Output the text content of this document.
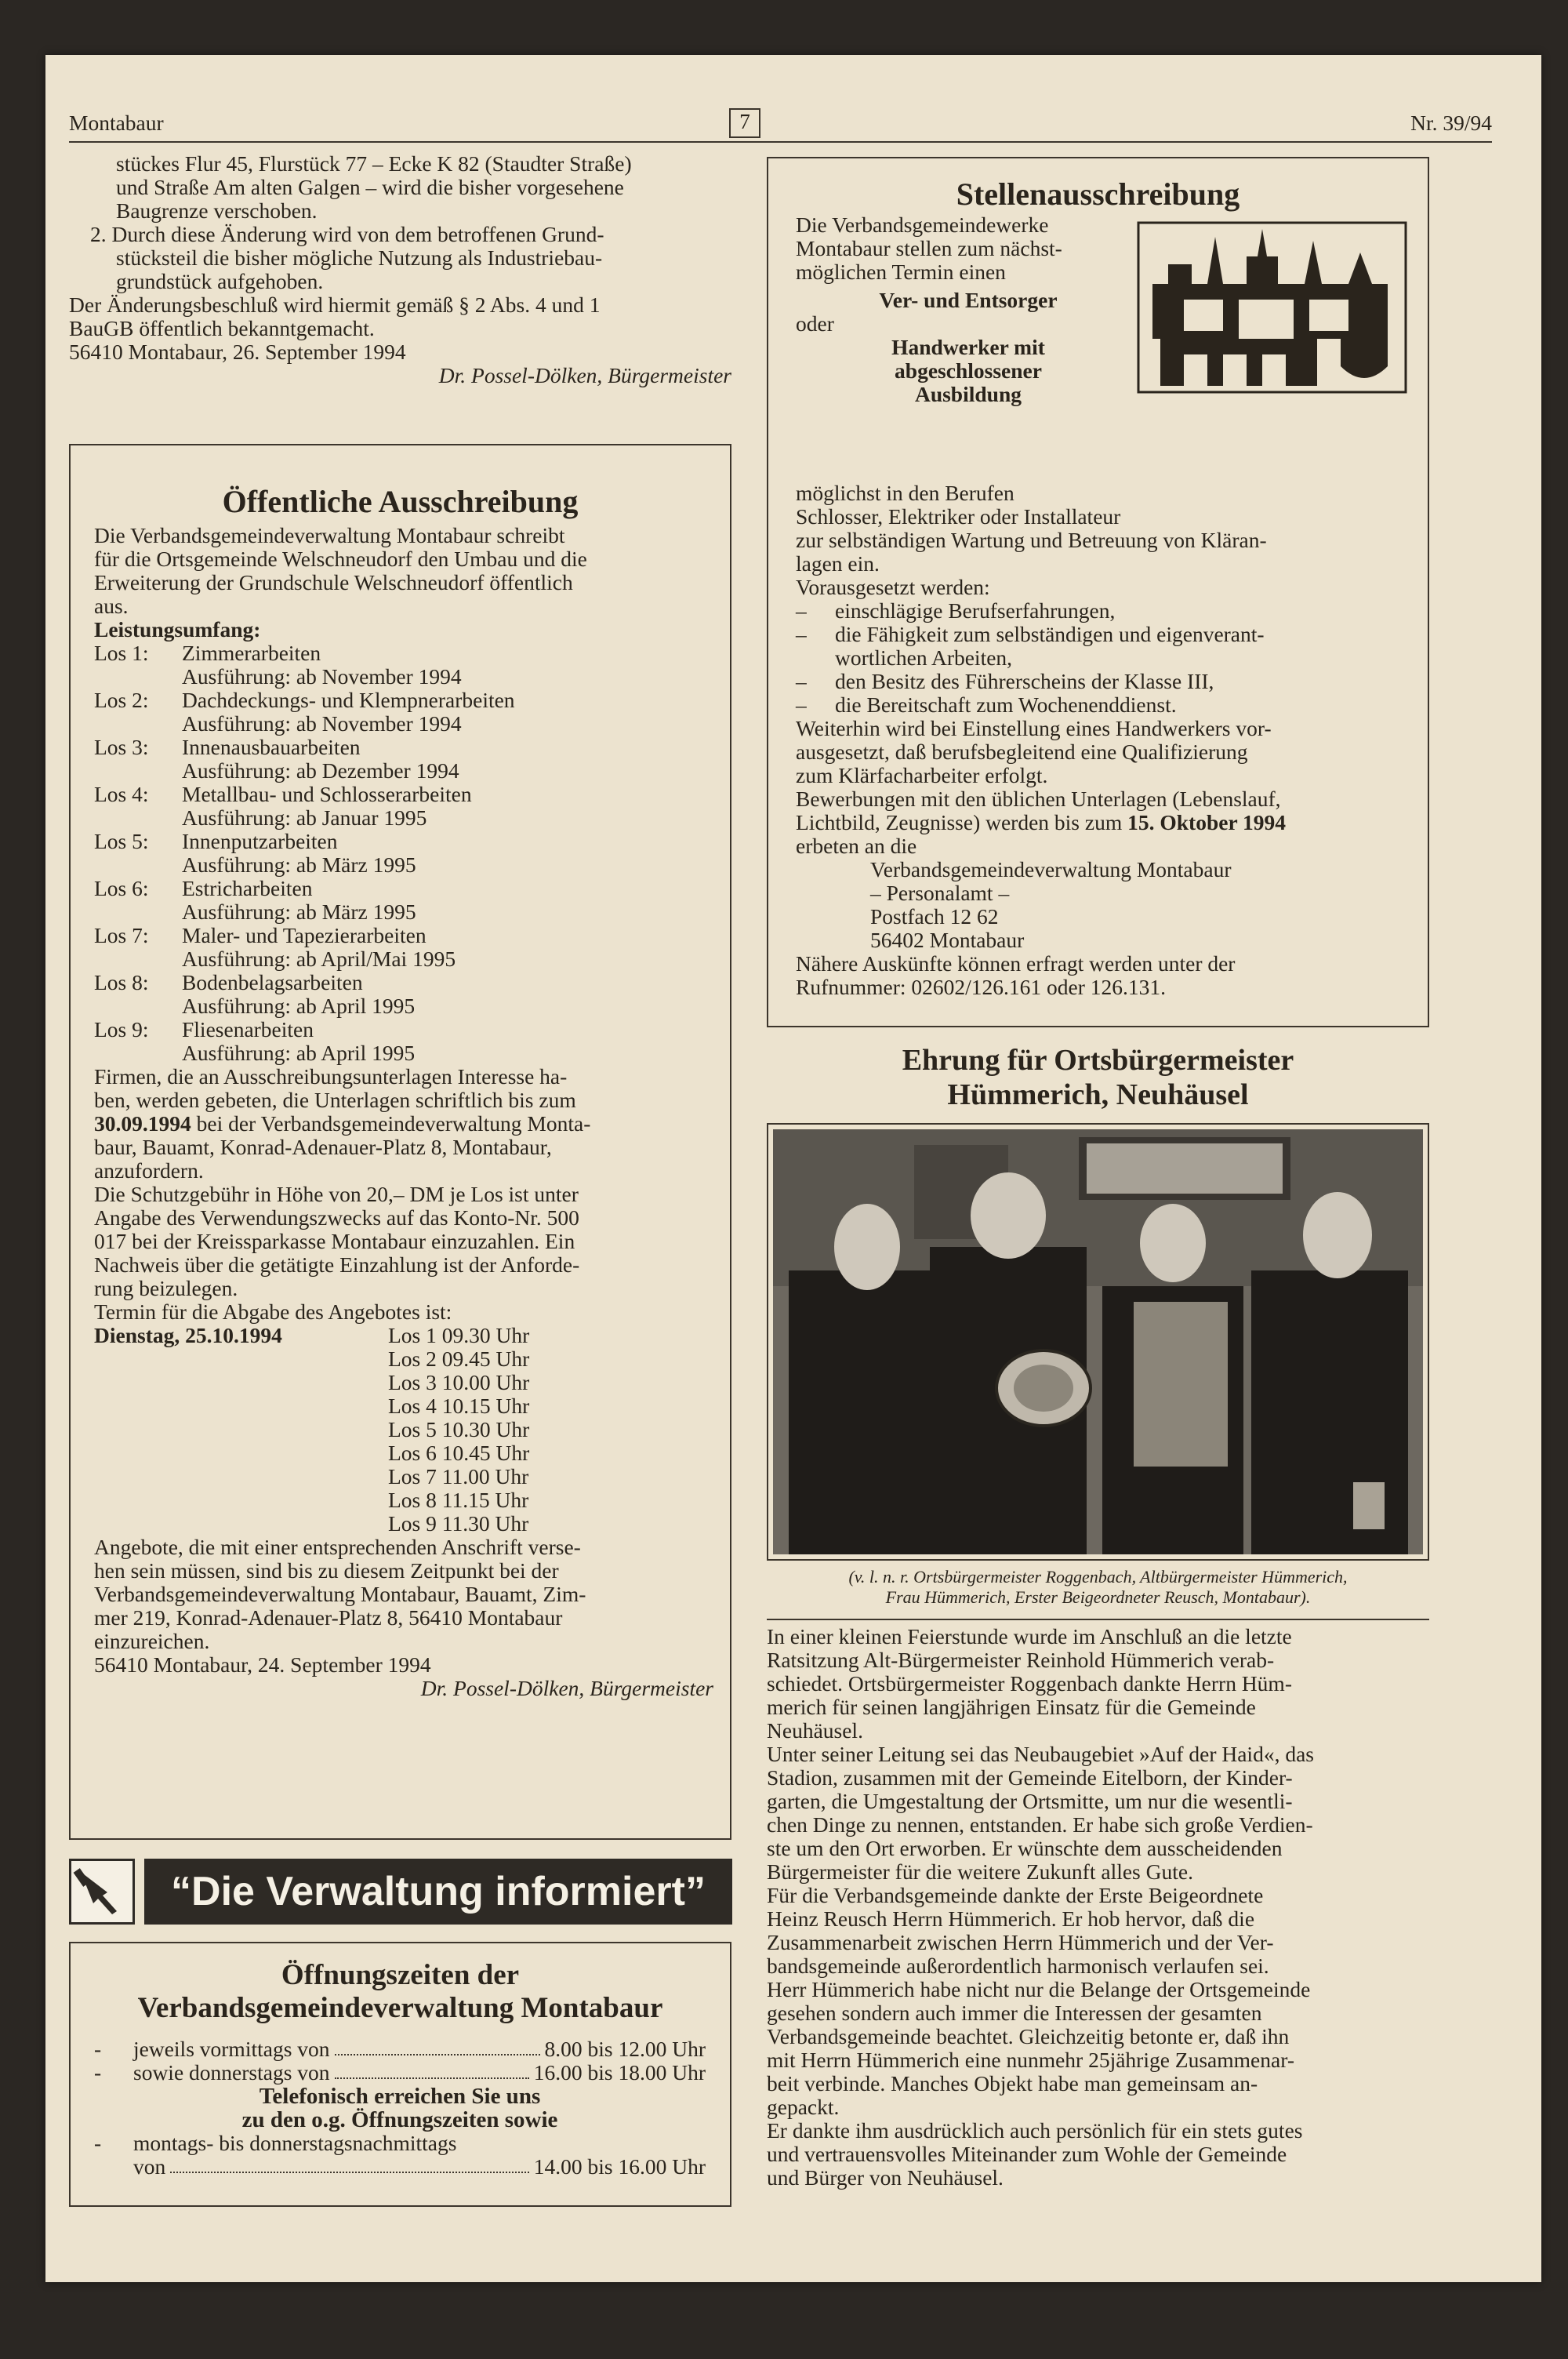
Montabaur	7	Nr. 39/94
stückes Flur 45, Flurstück 77 – Ecke K 82 (Staudter Straße)
und Straße Am alten Galgen – wird die bisher vorgesehene
Baugrenze verschoben.
2. Durch diese Änderung wird von dem betroffenen Grund-
stücksteil die bisher mögliche Nutzung als Industriebau-
grundstück aufgehoben.
Der Änderungsbeschluß wird hiermit gemäß § 2 Abs. 4 und 1
BauGB öffentlich bekanntgemacht.
56410 Montabaur, 26. September 1994
Dr. Possel-Dölken, Bürgermeister
Öffentliche Ausschreibung
Die Verbandsgemeindeverwaltung Montabaur schreibt
für die Ortsgemeinde Welschneudorf den Umbau und die
Erweiterung der Grundschule Welschneudorf öffentlich
aus.
Leistungsumfang:
Los 1:	Zimmerarbeiten
Ausführung: ab November 1994
Los 2:	Dachdeckungs- und Klempnerarbeiten
Ausführung: ab November 1994
Los 3:	Innenausbauarbeiten
Ausführung: ab Dezember 1994
Los 4:	Metallbau- und Schlosserarbeiten
Ausführung: ab Januar 1995
Los 5:	Innenputzarbeiten
Ausführung: ab März 1995
Los 6:	Estricharbeiten
Ausführung: ab März 1995
Los 7:	Maler- und Tapezierarbeiten
Ausführung: ab April/Mai 1995
Los 8:	Bodenbelagsarbeiten
Ausführung: ab April 1995
Los 9:	Fliesenarbeiten
Ausführung: ab April 1995
Firmen, die an Ausschreibungsunterlagen Interesse ha-
ben, werden gebeten, die Unterlagen schriftlich bis zum
30.09.1994 bei der Verbandsgemeindeverwaltung Monta-
baur, Bauamt, Konrad-Adenauer-Platz 8, Montabaur,
anzufordern.
Die Schutzgebühr in Höhe von 20,– DM je Los ist unter
Angabe des Verwendungszwecks auf das Konto-Nr. 500
017 bei der Kreissparkasse Montabaur einzuzahlen. Ein
Nachweis über die getätigte Einzahlung ist der Anforde-
rung beizulegen.
Termin für die Abgabe des Angebotes ist:
Dienstag, 25.10.1994	Los 1 09.30 Uhr
Los 2 09.45 Uhr
Los 3 10.00 Uhr
Los 4 10.15 Uhr
Los 5 10.30 Uhr
Los 6 10.45 Uhr
Los 7 11.00 Uhr
Los 8 11.15 Uhr
Los 9 11.30 Uhr
Angebote, die mit einer entsprechenden Anschrift verse-
hen sein müssen, sind bis zu diesem Zeitpunkt bei der
Verbandsgemeindeverwaltung Montabaur, Bauamt, Zim-
mer 219, Konrad-Adenauer-Platz 8, 56410 Montabaur
einzureichen.
56410 Montabaur, 24. September 1994
Dr. Possel-Dölken, Bürgermeister
“Die Verwaltung informiert”
Öffnungszeiten der
Verbandsgemeindeverwaltung Montabaur
-	jeweils vormittags von	8.00 bis 12.00 Uhr
-	sowie donnerstags von	16.00 bis 18.00 Uhr
Telefonisch erreichen Sie uns
zu den o.g. Öffnungszeiten sowie
- montags- bis donnerstagsnachmittags
von	14.00 bis 16.00 Uhr
Stellenausschreibung
Die Verbandsgemeindewerke
Montabaur stellen zum nächst-
möglichen Termin einen
Ver- und Entsorger
oder
Handwerker mit
abgeschlossener
Ausbildung
möglichst in den Berufen
Schlosser, Elektriker oder Installateur
zur selbständigen Wartung und Betreuung von Kläran-
lagen ein.
Vorausgesetzt werden:
–	einschlägige Berufserfahrungen,
–	die Fähigkeit zum selbständigen und eigenverant-
wortlichen Arbeiten,
–	den Besitz des Führerscheins der Klasse III,
–	die Bereitschaft zum Wochenenddienst.
Weiterhin wird bei Einstellung eines Handwerkers vor-
ausgesetzt, daß berufsbegleitend eine Qualifizierung
zum Klärfacharbeiter erfolgt.
Bewerbungen mit den üblichen Unterlagen (Lebenslauf,
Lichtbild, Zeugnisse) werden bis zum 15. Oktober 1994
erbeten an die
Verbandsgemeindeverwaltung Montabaur
– Personalamt –
Postfach 12 62
56402 Montabaur
Nähere Auskünfte können erfragt werden unter der
Rufnummer: 02602/126.161 oder 126.131.
Ehrung für Ortsbürgermeister
Hümmerich, Neuhäusel
(v. l. n. r. Ortsbürgermeister Roggenbach, Altbürgermeister Hümmerich,
Frau Hümmerich, Erster Beigeordneter Reusch, Montabaur).
In einer kleinen Feierstunde wurde im Anschluß an die letzte
Ratsitzung Alt-Bürgermeister Reinhold Hümmerich verab-
schiedet. Ortsbürgermeister Roggenbach dankte Herrn Hüm-
merich für seinen langjährigen Einsatz für die Gemeinde
Neuhäusel.
Unter seiner Leitung sei das Neubaugebiet »Auf der Haid«, das
Stadion, zusammen mit der Gemeinde Eitelborn, der Kinder-
garten, die Umgestaltung der Ortsmitte, um nur die wesentli-
chen Dinge zu nennen, entstanden. Er habe sich große Verdien-
ste um den Ort erworben. Er wünschte dem ausscheidenden
Bürgermeister für die weitere Zukunft alles Gute.
Für die Verbandsgemeinde dankte der Erste Beigeordnete
Heinz Reusch Herrn Hümmerich. Er hob hervor, daß die
Zusammenarbeit zwischen Herrn Hümmerich und der Ver-
bandsgemeinde außerordentlich harmonisch verlaufen sei.
Herr Hümmerich habe nicht nur die Belange der Ortsgemeinde
gesehen sondern auch immer die Interessen der gesamten
Verbandsgemeinde beachtet. Gleichzeitig betonte er, daß ihn
mit Herrn Hümmerich eine nunmehr 25jährige Zusammenar-
beit verbinde. Manches Objekt habe man gemeinsam an-
gepackt.
Er dankte ihm ausdrücklich auch persönlich für ein stets gutes
und vertrauensvolles Miteinander zum Wohle der Gemeinde
und Bürger von Neuhäusel.
